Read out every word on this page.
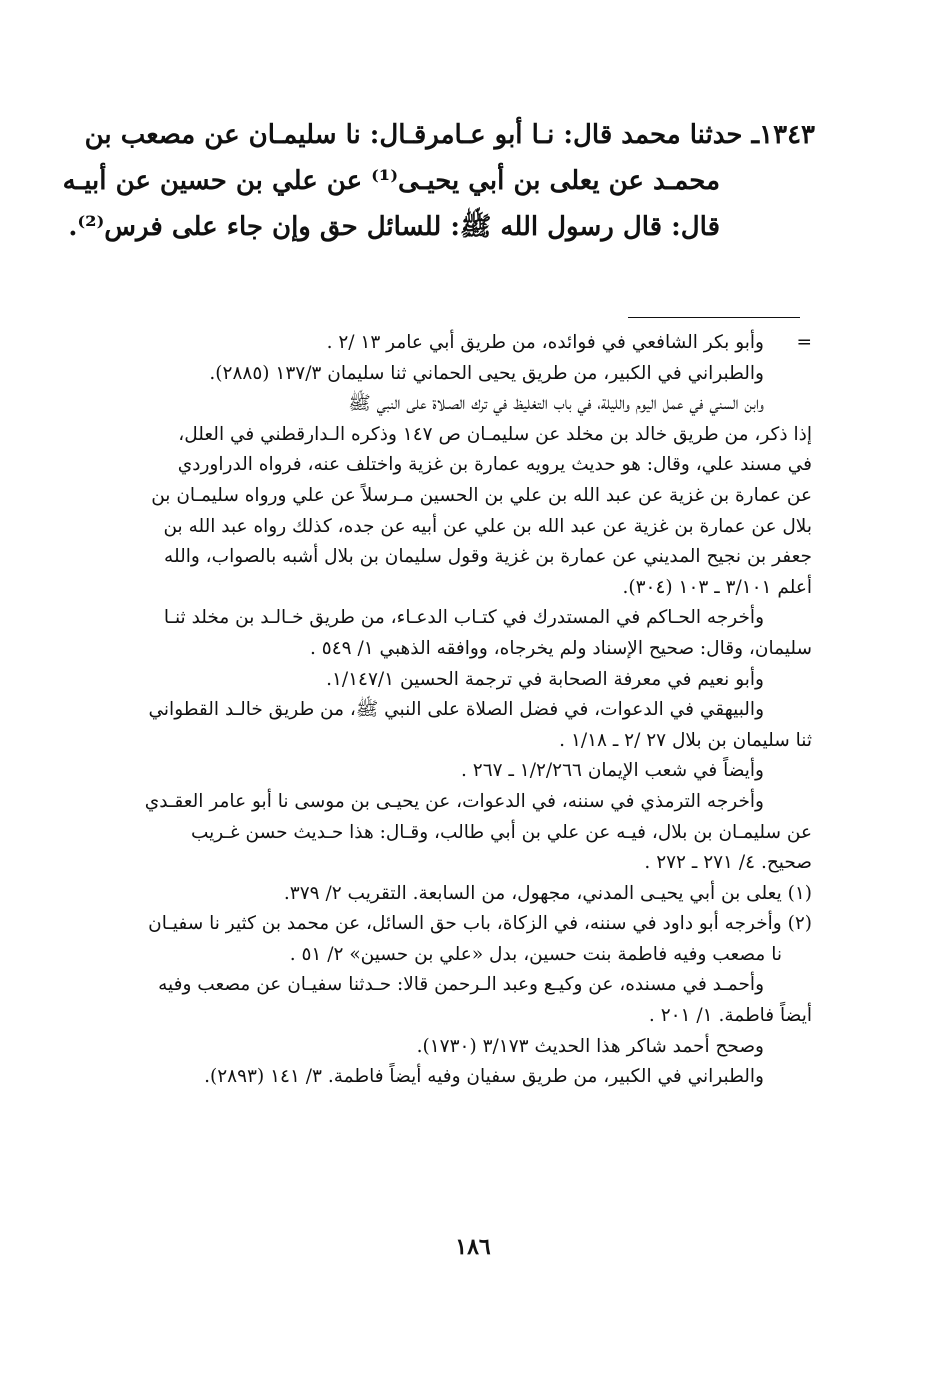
١٣٤٣ـ حدثنا محمد قال: نـا أبو عـامرقـال: نا سليمـان عن مصعب بن
محمـد عن يعلى بن أبي يحيـى⁽¹⁾ عن علي بن حسين عن أبيـه
قال: قال رسول الله ﷺ: للسائل حق وإن جاء على فرس⁽²⁾.

=وأبو بكر الشافعي في فوائده، من طريق أبي عامر ١٣ /٢ .

والطبراني في الكبير، من طريق يحيى الحماني ثنا سليمان ١٣٧/٣ (٢٨٨٥).

وابن السني في عمل اليوم والليلة، في باب التغليظ في ترك الصـلاة على النبي ﷺ

إذا ذكر، من طريق خالد بن مخلد عن سليمـان ص ١٤٧ وذكره الـدارقطني في العلل،

في مسند علي، وقال: هو حديث يرويه عمارة بن غزية واختلف عنه، فرواه الدراوردي

عن عمارة بن غزية عن عبد الله بن علي بن الحسين مـرسلاً عن علي ورواه سليمـان بن

بلال عن عمارة بن غزية عن عبد الله بن علي عن أبيه عن جده، كذلك رواه عبد الله بن

جعفر بن نجيح المديني عن عمارة بن غزية وقول سليمان بن بلال أشبه بالصواب، والله

أعلم ٣/١٠١ ـ ١٠٣ (٣٠٤).

وأخرجه الحـاكم في المستدرك في كتـاب الدعـاء، من طريق خـالـد بن مخلد ثنـا

سليمان، وقال: صحيح الإسناد ولم يخرجاه، ووافقه الذهبي ١/ ٥٤٩ .

وأبو نعيم في معرفة الصحابة في ترجمة الحسين ١/١٤٧/١.

والبيهقي في الدعوات، في فضل الصلاة على النبي ﷺ، من طريق خالـد القطواني

ثنا سليمان بن بلال ٢٧ /٢ ـ ١/١٨ .

وأيضاً في شعب الإيمان ١/٢/٢٦٦ ـ ٢٦٧ .

وأخرجه الترمذي في سننه، في الدعوات، عن يحيـى بن موسى نا أبو عامر العقـدي

عن سليمـان بن بلال، فيـه عن علي بن أبي طالب، وقـال: هذا حـديث حسن غـريب

صحيح. ٤/ ٢٧١ ـ ٢٧٢ .

(١) يعلى بن أبي يحيـى المدني، مجهول، من السابعة. التقريب ٢/ ٣٧٩.

(٢) وأخرجه أبو داود في سننه، في الزكاة، باب حق السائل، عن محمد بن كثير نا سفيـان

نا مصعب وفيه فاطمة بنت حسين، بدل «علي بن حسين» ٢/ ٥١ .

وأحمـد في مسنده، عن وكيـع وعبد الـرحمن قالا: حـدثنا سفيـان عن مصعب وفيه

أيضاً فاطمة. ١/ ٢٠١ .

وصحح أحمد شاكر هذا الحديث ٣/١٧٣ (١٧٣٠).

والطبراني في الكبير، من طريق سفيان وفيه أيضاً فاطمة. ٣/ ١٤١ (٢٨٩٣).

١٨٦
